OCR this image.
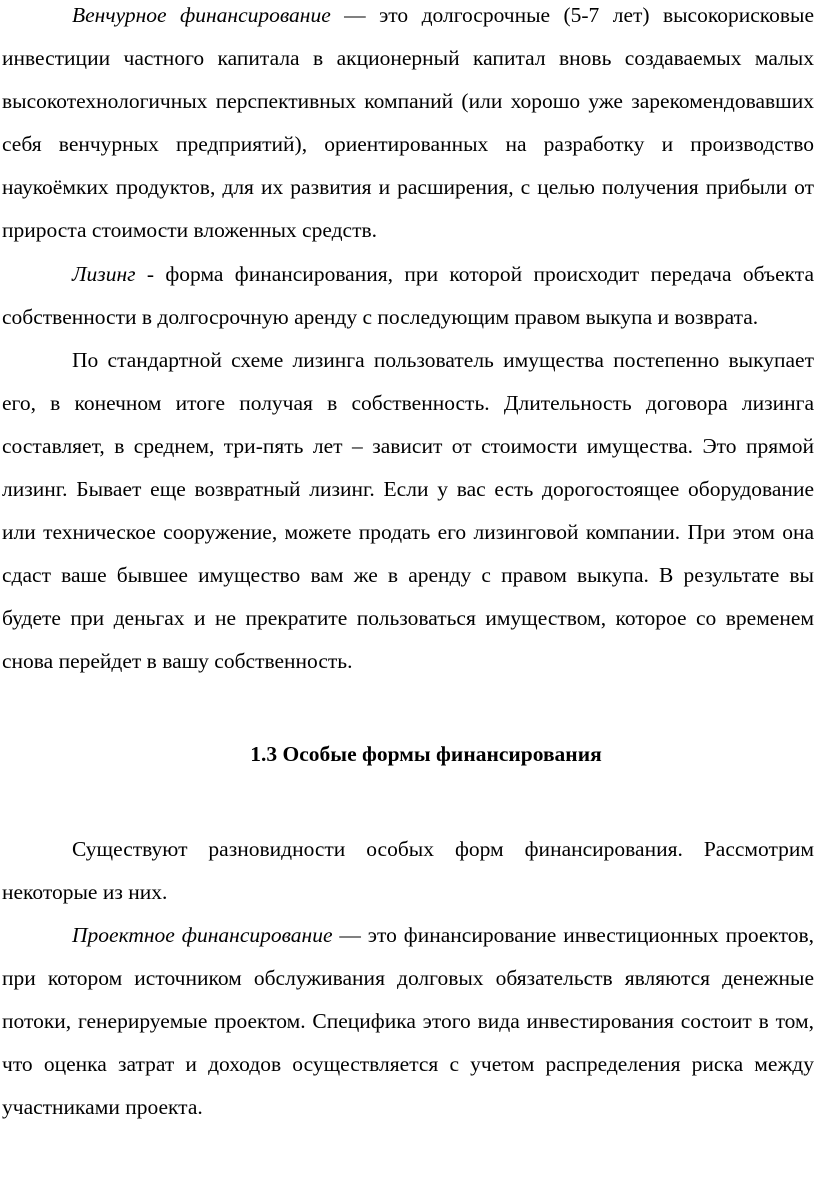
Венчурное финансирование — это долгосрочные (5-7 лет) высокорисковые инвестиции частного капитала в акционерный капитал вновь создаваемых малых высокотехнологичных перспективных компаний (или хорошо уже зарекомендовавших себя венчурных предприятий), ориентированных на разработку и производство наукоёмких продуктов, для их развития и расширения, с целью получения прибыли от прироста стоимости вложенных средств.

Лизинг - форма финансирования, при которой происходит передача объекта собственности в долгосрочную аренду с последующим правом выкупа и возврата.

По стандартной схеме лизинга пользователь имущества постепенно выкупает его, в конечном итоге получая в собственность. Длительность договора лизинга составляет, в среднем, три-пять лет – зависит от стоимости имущества. Это прямой лизинг. Бывает еще возвратный лизинг. Если у вас есть дорогостоящее оборудование или техническое сооружение, можете продать его лизинговой компании. При этом она сдаст ваше бывшее имущество вам же в аренду с правом выкупа. В результате вы будете при деньгах и не прекратите пользоваться имуществом, которое со временем снова перейдет в вашу собственность.

1.3 Особые формы финансирования

Существуют разновидности особых форм финансирования. Рассмотрим некоторые из них.

Проектное финансирование — это финансирование инвестиционных проектов, при котором источником обслуживания долговых обязательств являются денежные потоки, генерируемые проектом. Специфика этого вида инвестирования состоит в том, что оценка затрат и доходов осуществляется с учетом распределения риска между участниками проекта.
